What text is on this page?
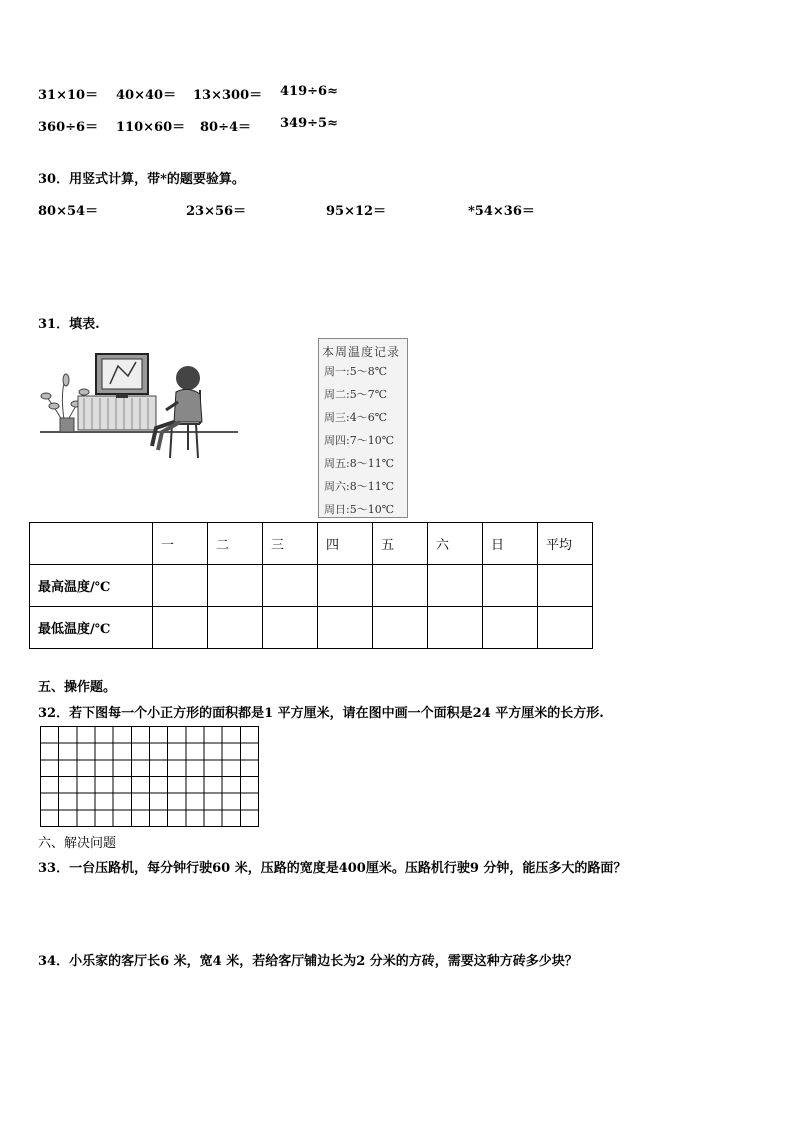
31×10＝ 40×40＝ 13×300＝ 419÷6≈
360÷6＝ 110×60＝ 80÷4＝ 349÷5≈
30．用竖式计算，带*的题要验算。
80×54＝	23×56＝	95×12＝	*54×36＝
31．填表.
本周温度记录
周一:5～8℃
周二:5～7℃
周三:4～6℃
周四:7～10℃
周五:8～11℃
周六:8～11℃
周日:5～10℃
	一	二	三	四	五	六	日	平均
最高温度/℃								
最低温度/℃								
五、操作题。
32．若下图每一个小正方形的面积都是1 平方厘米，请在图中画一个面积是24 平方厘米的长方形.
六、解决问题
33．一台压路机，每分钟行驶60 米，压路的宽度是400厘米。压路机行驶9 分钟，能压多大的路面？
34．小乐家的客厅长6 米，宽4 米，若给客厅铺边长为2 分米的方砖，需要这种方砖多少块？
